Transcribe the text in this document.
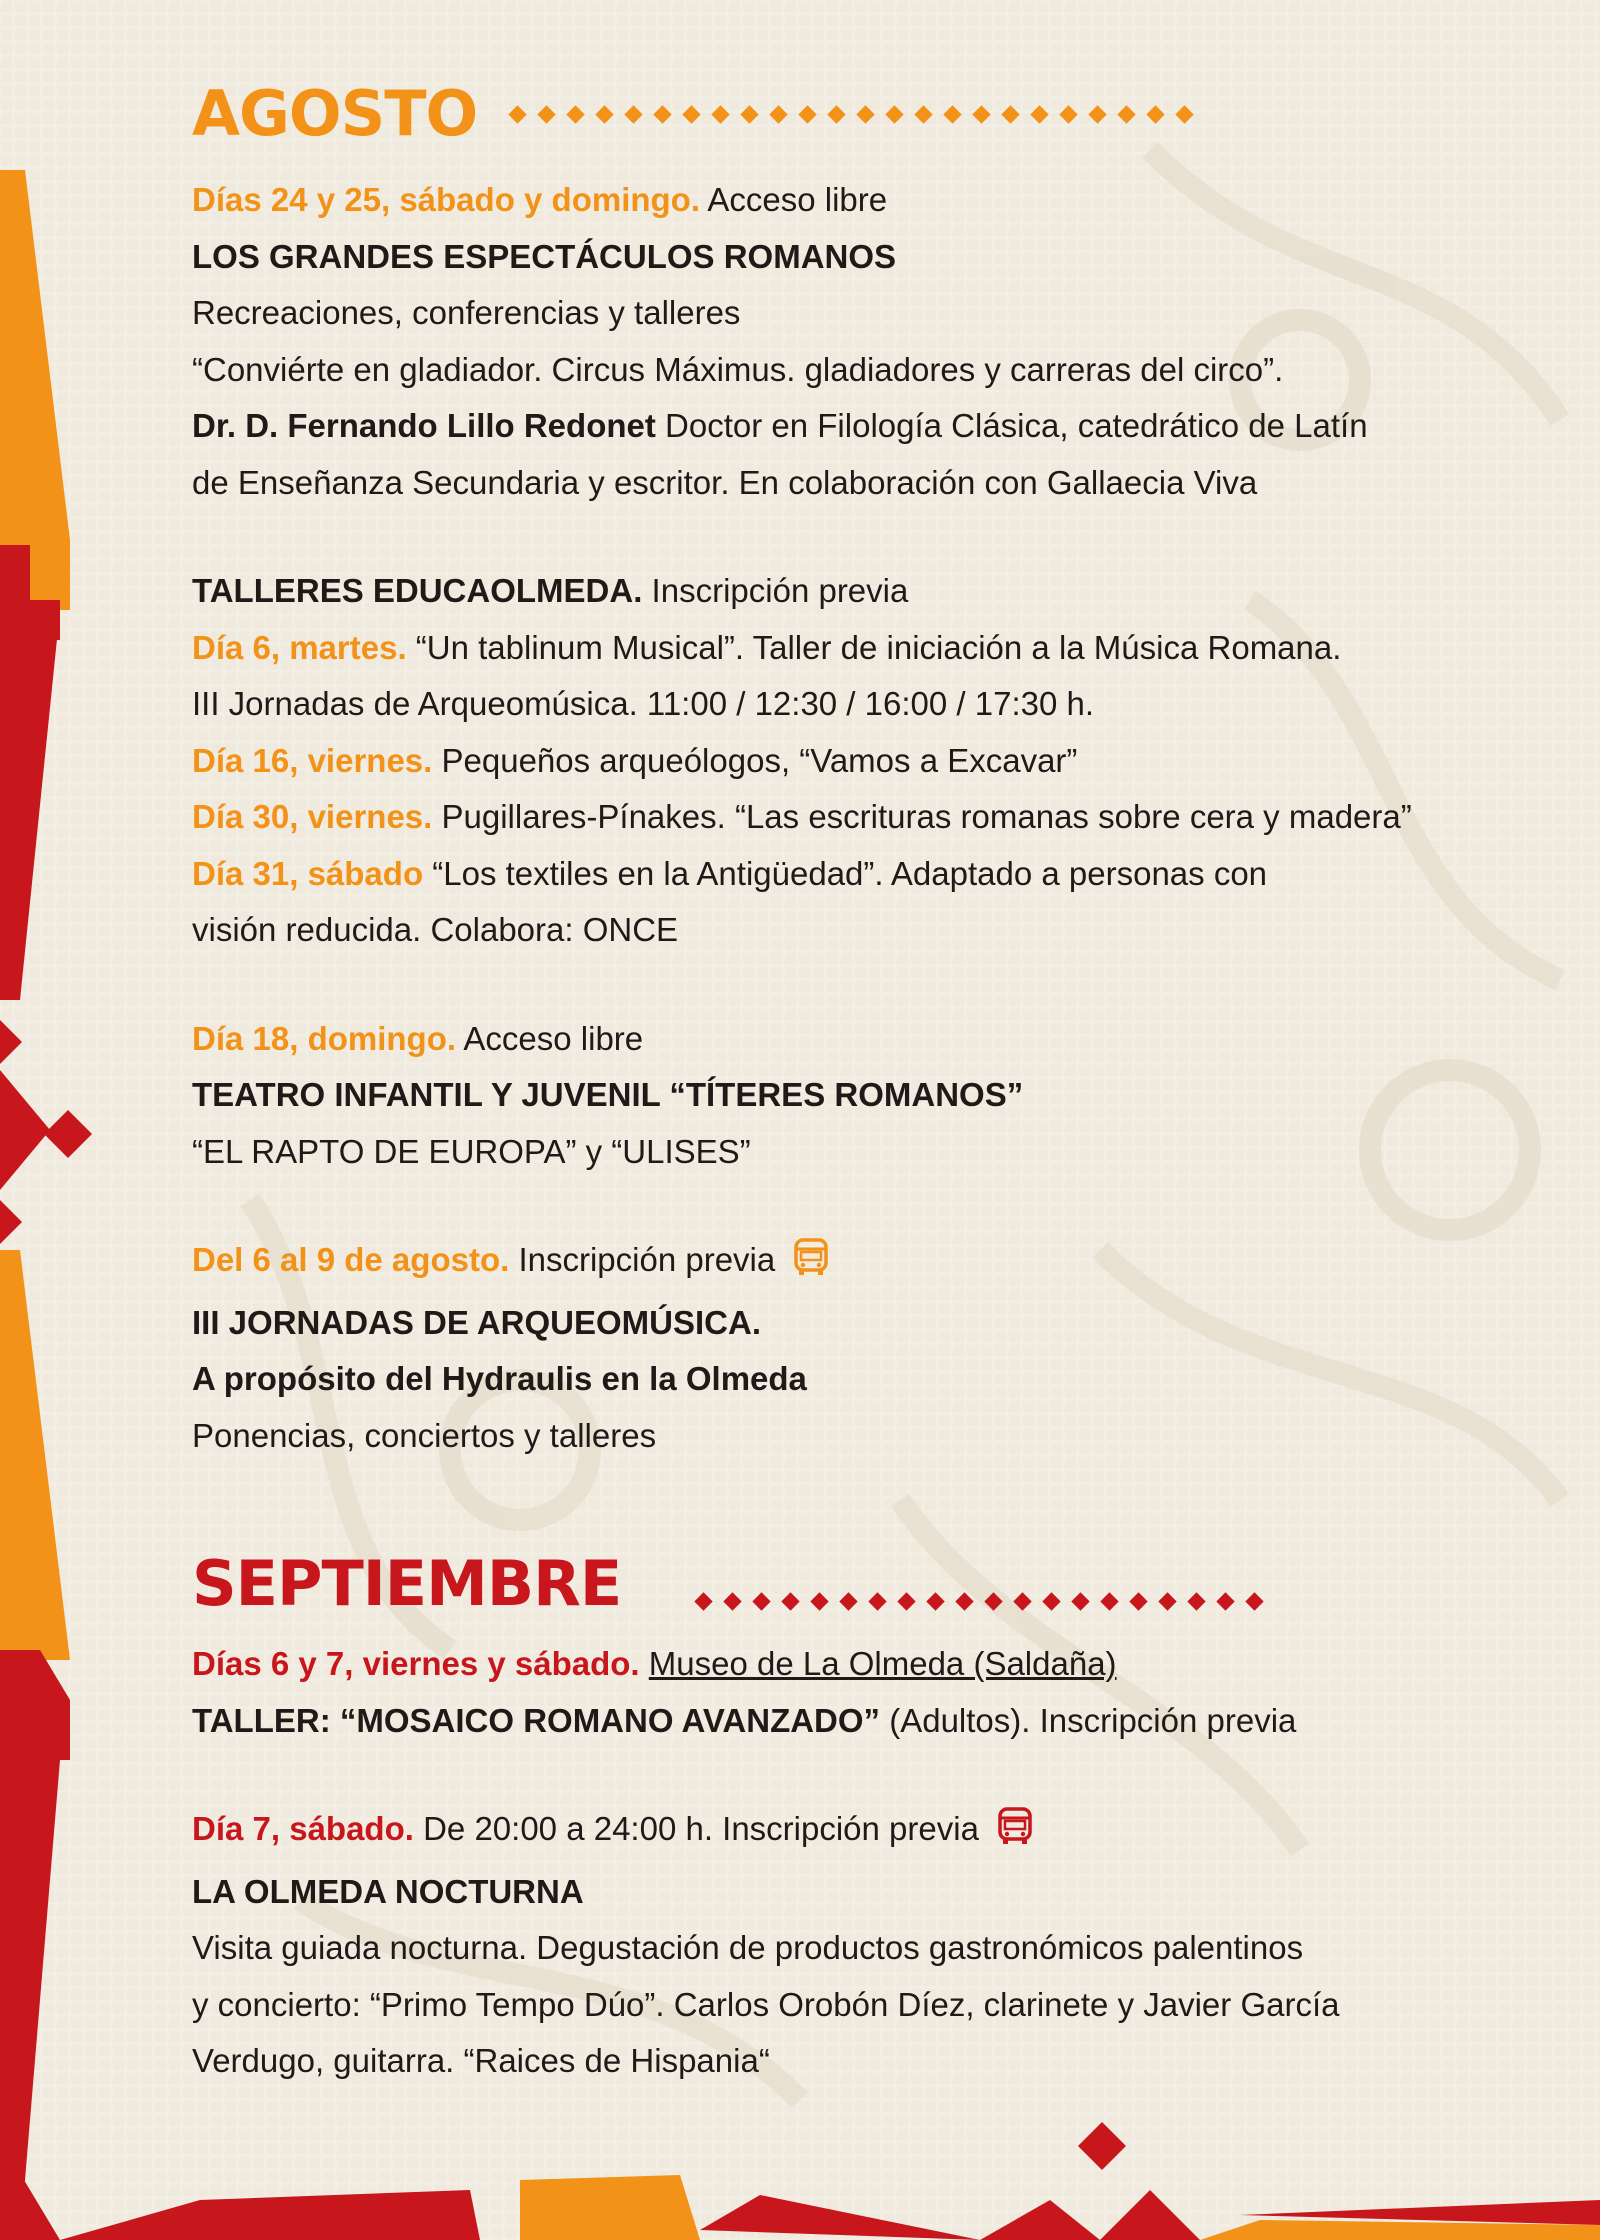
AGOSTO
Días 24 y 25, sábado y domingo. Acceso libre
LOS GRANDES ESPECTÁCULOS ROMANOS
Recreaciones, conferencias y talleres
“Conviérte en gladiador. Circus Máximus. gladiadores y carreras del circo”.
Dr. D. Fernando Lillo Redonet Doctor en Filología Clásica, catedrático de Latín
de Enseñanza Secundaria y escritor. En colaboración con Gallaecia Viva
TALLERES EDUCAOLMEDA. Inscripción previa
Día 6, martes. “Un tablinum Musical”. Taller de iniciación a la Música Romana.
III Jornadas de Arqueomúsica. 11:00 / 12:30 / 16:00 / 17:30 h.
Día 16, viernes. Pequeños arqueólogos, “Vamos a Excavar”
Día 30, viernes. Pugillares-Pínakes. “Las escrituras romanas sobre cera y madera”
Día 31, sábado “Los textiles en la Antigüedad”. Adaptado a personas con
visión reducida. Colabora: ONCE
Día 18, domingo. Acceso libre
TEATRO INFANTIL Y JUVENIL “TÍTERES ROMANOS”
“EL RAPTO DE EUROPA” y “ULISES”
Del 6 al 9 de agosto. Inscripción previa
III JORNADAS DE ARQUEOMÚSICA.
A propósito del Hydraulis en la Olmeda
Ponencias, conciertos y talleres
SEPTIEMBRE
Días 6 y 7, viernes y sábado. Museo de La Olmeda (Saldaña)
TALLER: “MOSAICO ROMANO AVANZADO” (Adultos). Inscripción previa
Día 7, sábado. De 20:00 a 24:00 h. Inscripción previa
LA OLMEDA NOCTURNA
Visita guiada nocturna. Degustación de productos gastronómicos palentinos
y concierto: “Primo Tempo Dúo”. Carlos Orobón Díez, clarinete y Javier García
Verdugo, guitarra. “Raices de Hispania“
